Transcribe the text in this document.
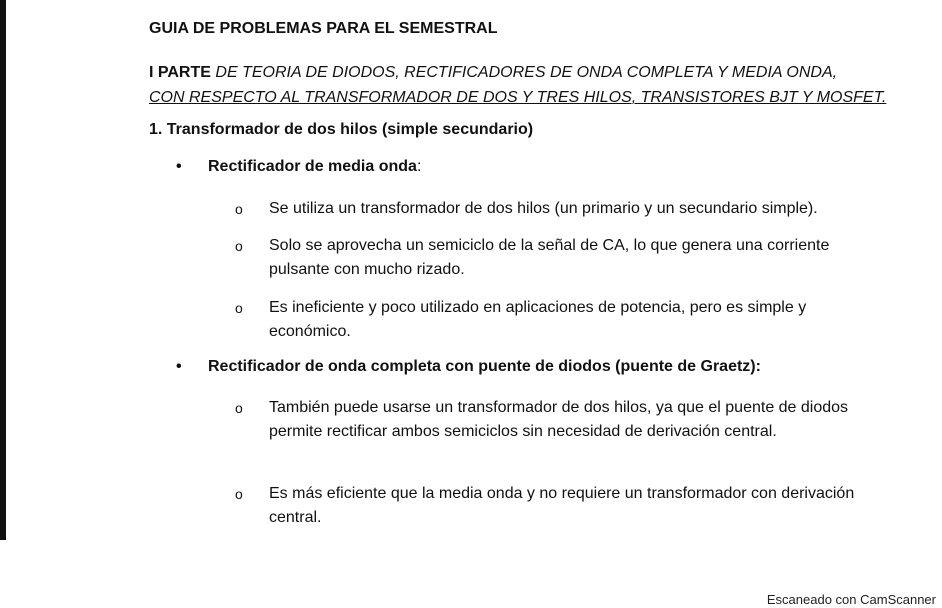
GUIA DE PROBLEMAS PARA EL SEMESTRAL
I PARTE DE TEORIA DE DIODOS, RECTIFICADORES DE ONDA COMPLETA Y MEDIA ONDA,
CON RESPECTO AL TRANSFORMADOR DE DOS Y TRES HILOS, TRANSISTORES BJT Y MOSFET.
1. Transformador de dos hilos (simple secundario)
• Rectificador de media onda:
o Se utiliza un transformador de dos hilos (un primario y un secundario simple).
o Solo se aprovecha un semiciclo de la señal de CA, lo que genera una corriente pulsante con mucho rizado.
o Es ineficiente y poco utilizado en aplicaciones de potencia, pero es simple y económico.
• Rectificador de onda completa con puente de diodos (puente de Graetz):
o También puede usarse un transformador de dos hilos, ya que el puente de diodos permite rectificar ambos semiciclos sin necesidad de derivación central.
o Es más eficiente que la media onda y no requiere un transformador con derivación central.
Escaneado con CamScanner
